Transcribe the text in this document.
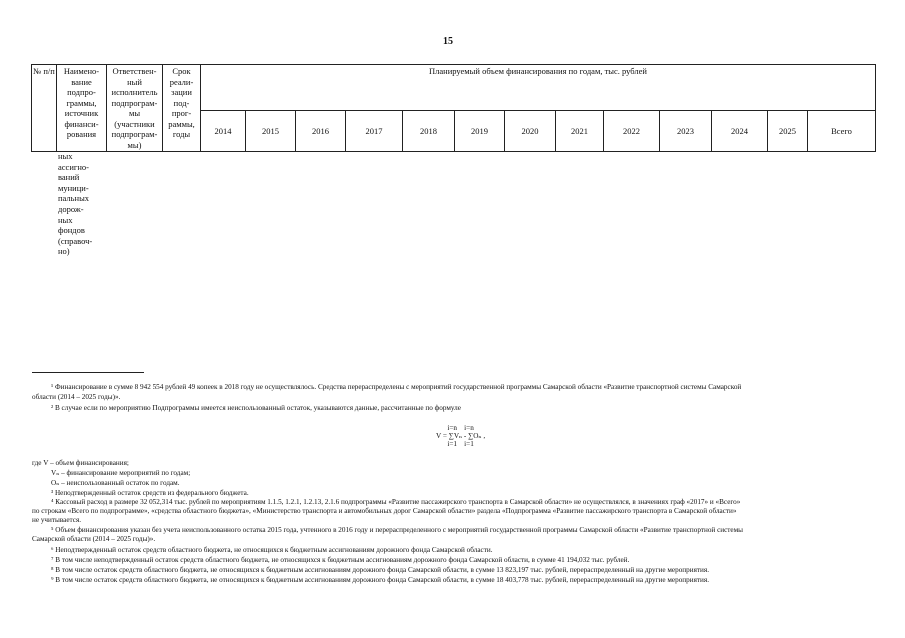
15
№ п/п	Наимено-вание подпро-граммы, источник финанси-рования	Ответствен-ный исполнитель подпрограм-мы (участники подпрограм-мы)	Срок реали-зации под-прог-раммы, годы	Планируемый объем финансирования по годам, тыс. рублей												
				2014	2015	2016	2017	2018	2019	2020	2021	2022	2023	2024	2025	Всего
ных
ассигно-
ваний
муници-
пальных
дорож-
ных
фондов
(справоч-
но)
¹ Финансирование в сумме 8 942 554 рублей 49 копеек в 2018 году не осуществлялось. Средства перераспределены с мероприятий государственной программы Самарской области «Развитие транспортной системы Самарской
области (2014 – 2025 годы)».
² В случае если по мероприятию Подпрограммы имеется неиспользованный остаток, указываются данные, рассчитанные по формуле
i=n    i=n
V = ∑Vₙ - ∑Oₙ ,
i=1    i=1
где V – объем финансирования;
Vₙ – финансирование мероприятий по годам;
Oₙ – неиспользованный остаток по годам.
³ Неподтвержденный остаток средств из федерального бюджета.
⁴ Кассовый расход в размере 32 052,314 тыс. рублей по мероприятиям 1.1.5, 1.2.1, 1.2.13, 2.1.6 подпрограммы «Развитие пассажирского транспорта в Самарской области» не осуществлялся, в значениях граф «2017» и «Всего»
по строкам «Всего по подпрограмме», «средства областного бюджета», «Министерство транспорта и автомобильных дорог Самарской области» раздела «Подпрограмма «Развитие пассажирского транспорта в Самарской области»
не учитывается.
⁵ Объем финансирования указан без учета неиспользованного остатка 2015 года, учтенного в 2016 году и перераспределенного с мероприятий государственной программы Самарской области «Развитие транспортной системы
Самарской области (2014 – 2025 годы)».
⁶ Неподтвержденный остаток средств областного бюджета, не относящихся к бюджетным ассигнованиям дорожного фонда Самарской области.
⁷ В том числе неподтвержденный остаток средств областного бюджета, не относящихся к бюджетным ассигнованиям дорожного фонда Самарской области, в сумме 41 194,032 тыс. рублей.
⁸ В том числе остаток средств областного бюджета, не относящихся к бюджетным ассигнованиям дорожного фонда Самарской области, в сумме 13 823,197 тыс. рублей, перераспределенный на другие мероприятия.
⁹ В том числе остаток средств областного бюджета, не относящихся к бюджетным ассигнованиям дорожного фонда Самарской области, в сумме 18 403,778 тыс. рублей, перераспределенный на другие мероприятия.
